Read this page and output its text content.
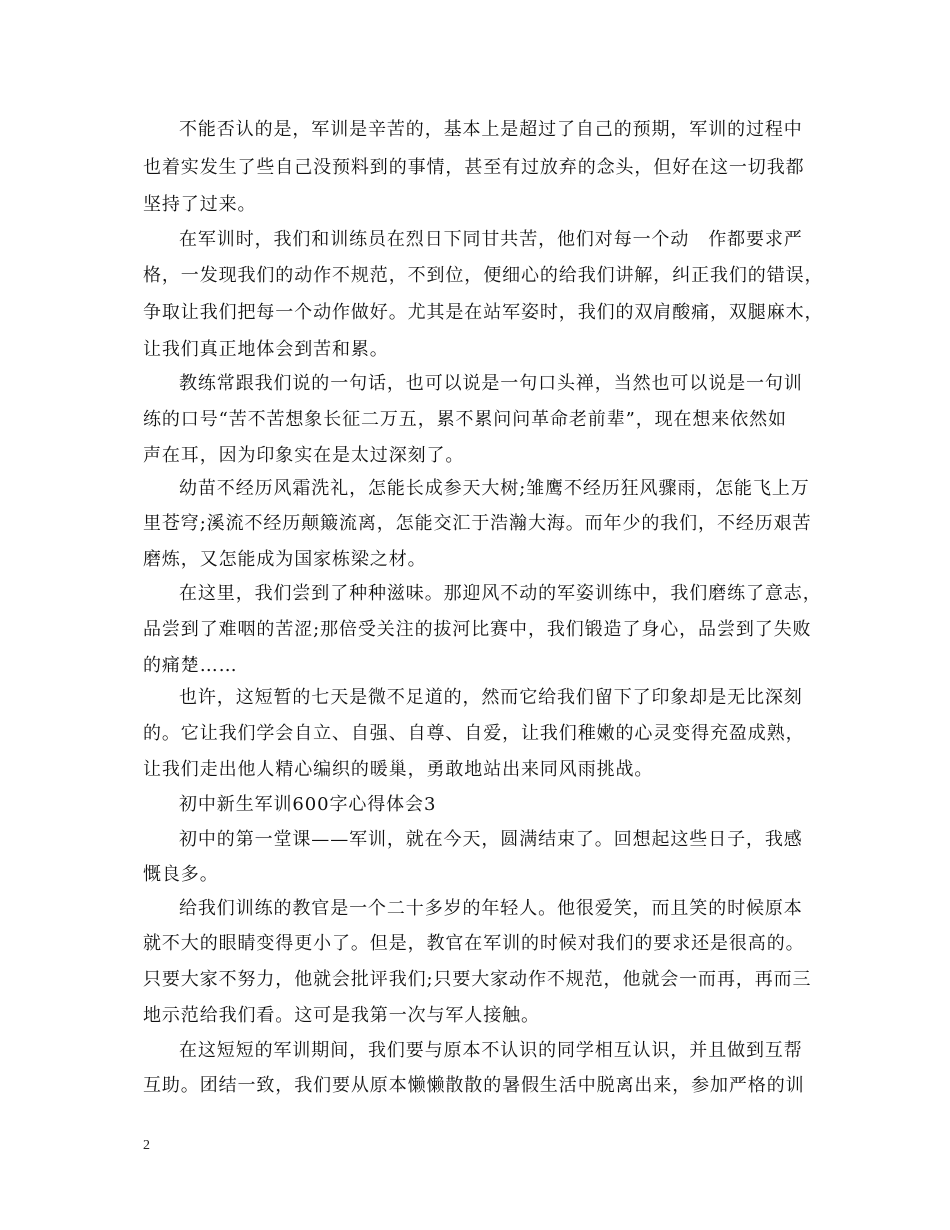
不能否认的是，军训是辛苦的，基本上是超过了自己的预期，军训的过程中
也着实发生了些自己没预料到的事情，甚至有过放弃的念头，但好在这一切我都
坚持了过来。
在军训时，我们和训练员在烈日下同甘共苦，他们对每一个动　作都要求严
格，一发现我们的动作不规范，不到位，便细心的给我们讲解，纠正我们的错误，
争取让我们把每一个动作做好。尤其是在站军姿时，我们的双肩酸痛，双腿麻木，
让我们真正地体会到苦和累。
教练常跟我们说的一句话，也可以说是一句口头禅，当然也可以说是一句训
练的口号“苦不苦想象长征二万五，累不累问问革命老前辈”，现在想来依然如
声在耳，因为印象实在是太过深刻了。
幼苗不经历风霜洗礼，怎能长成参天大树;雏鹰不经历狂风骤雨，怎能飞上万
里苍穹;溪流不经历颠簸流离，怎能交汇于浩瀚大海。而年少的我们，不经历艰苦
磨炼，又怎能成为国家栋梁之材。
在这里，我们尝到了种种滋味。那迎风不动的军姿训练中，我们磨练了意志，
品尝到了难咽的苦涩;那倍受关注的拔河比赛中，我们锻造了身心，品尝到了失败
的痛楚……
也许，这短暂的七天是微不足道的，然而它给我们留下了印象却是无比深刻
的。它让我们学会自立、自强、自尊、自爱，让我们稚嫩的心灵变得充盈成熟，
让我们走出他人精心编织的暖巢，勇敢地站出来同风雨挑战。
初中新生军训600字心得体会3
初中的第一堂课——军训，就在今天，圆满结束了。回想起这些日子，我感
慨良多。
给我们训练的教官是一个二十多岁的年轻人。他很爱笑，而且笑的时候原本
就不大的眼睛变得更小了。但是，教官在军训的时候对我们的要求还是很高的。
只要大家不努力，他就会批评我们;只要大家动作不规范，他就会一而再，再而三
地示范给我们看。这可是我第一次与军人接触。
在这短短的军训期间，我们要与原本不认识的同学相互认识，并且做到互帮
互助。团结一致，我们要从原本懒懒散散的暑假生活中脱离出来，参加严格的训
2
